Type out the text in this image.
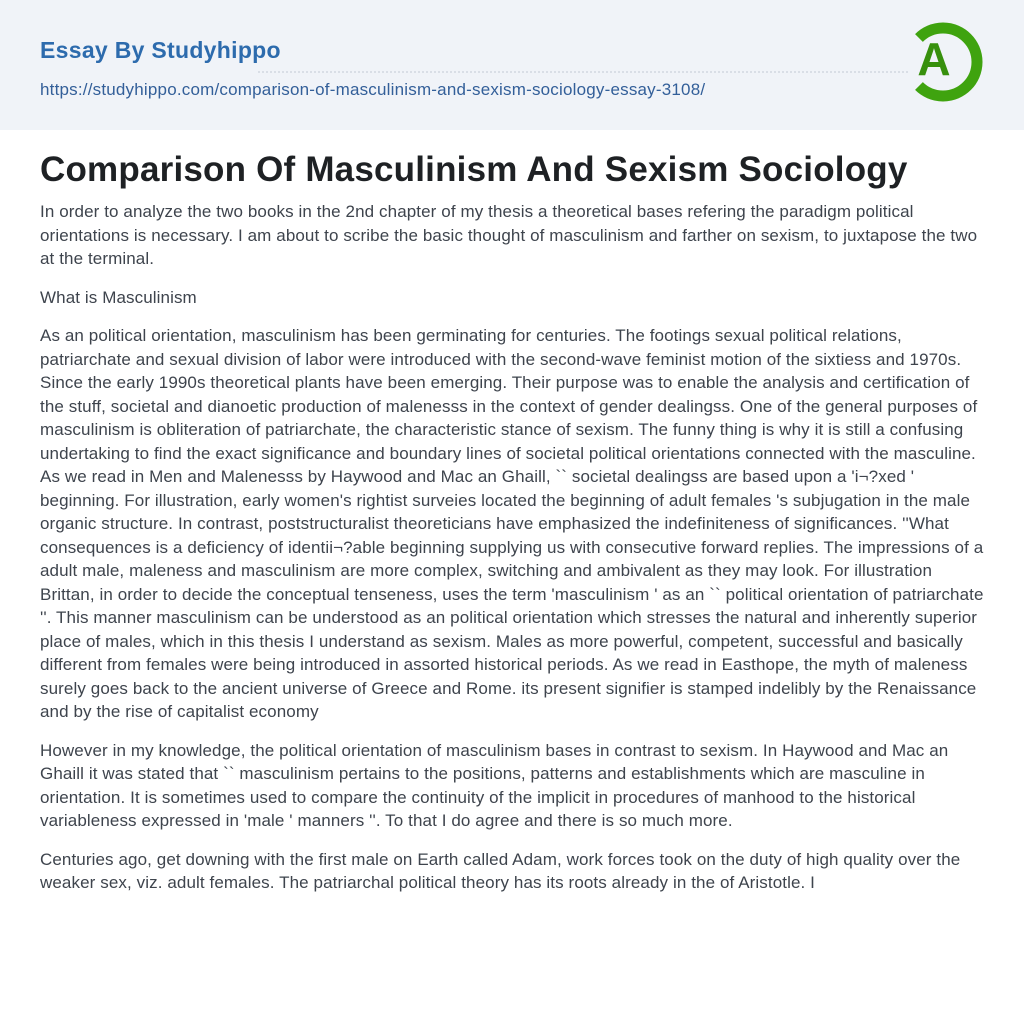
Essay By Studyhippo
https://studyhippo.com/comparison-of-masculinism-and-sexism-sociology-essay-3108/
A
Comparison Of Masculinism And Sexism Sociology

In order to analyze the two books in the 2nd chapter of my thesis a theoretical bases refering the paradigm political orientations is necessary. I am about to scribe the basic thought of masculinism and farther on sexism, to juxtapose the two at the terminal.

What is Masculinism

As an political orientation, masculinism has been germinating for centuries. The footings sexual political relations, patriarchate and sexual division of labor were introduced with the second-wave feminist motion of the sixtiess and 1970s. Since the early 1990s theoretical plants have been emerging. Their purpose was to enable the analysis and certification of the stuff, societal and dianoetic production of malenesss in the context of gender dealingss. One of the general purposes of masculinism is obliteration of patriarchate, the characteristic stance of sexism. The funny thing is why it is still a confusing undertaking to find the exact significance and boundary lines of societal political orientations connected with the masculine. As we read in Men and Malenesss by Haywood and Mac an Ghaill, `` societal dealingss are based upon a 'i¬?xed ' beginning. For illustration, early women's rightist surveies located the beginning of adult females 's subjugation in the male organic structure. In contrast, poststructuralist theoreticians have emphasized the indefiniteness of significances. ''What consequences is a deficiency of identii¬?able beginning supplying us with consecutive forward replies. The impressions of a adult male, maleness and masculinism are more complex, switching and ambivalent as they may look. For illustration Brittan, in order to decide the conceptual tenseness, uses the term 'masculinism ' as an `` political orientation of patriarchate ''. This manner masculinism can be understood as an political orientation which stresses the natural and inherently superior place of males, which in this thesis I understand as sexism. Males as more powerful, competent, successful and basically different from females were being introduced in assorted historical periods. As we read in Easthope, the myth of maleness surely goes back to the ancient universe of Greece and Rome. its present signifier is stamped indelibly by the Renaissance and by the rise of capitalist economy

However in my knowledge, the political orientation of masculinism bases in contrast to sexism. In Haywood and Mac an Ghaill it was stated that `` masculinism pertains to the positions, patterns and establishments which are masculine in orientation. It is sometimes used to compare the continuity of the implicit in procedures of manhood to the historical variableness expressed in 'male ' manners ''. To that I do agree and there is so much more.

Centuries ago, get downing with the first male on Earth called Adam, work forces took on the duty of high quality over the weaker sex, viz. adult females. The patriarchal political theory has its roots already in the of Aristotle. I
